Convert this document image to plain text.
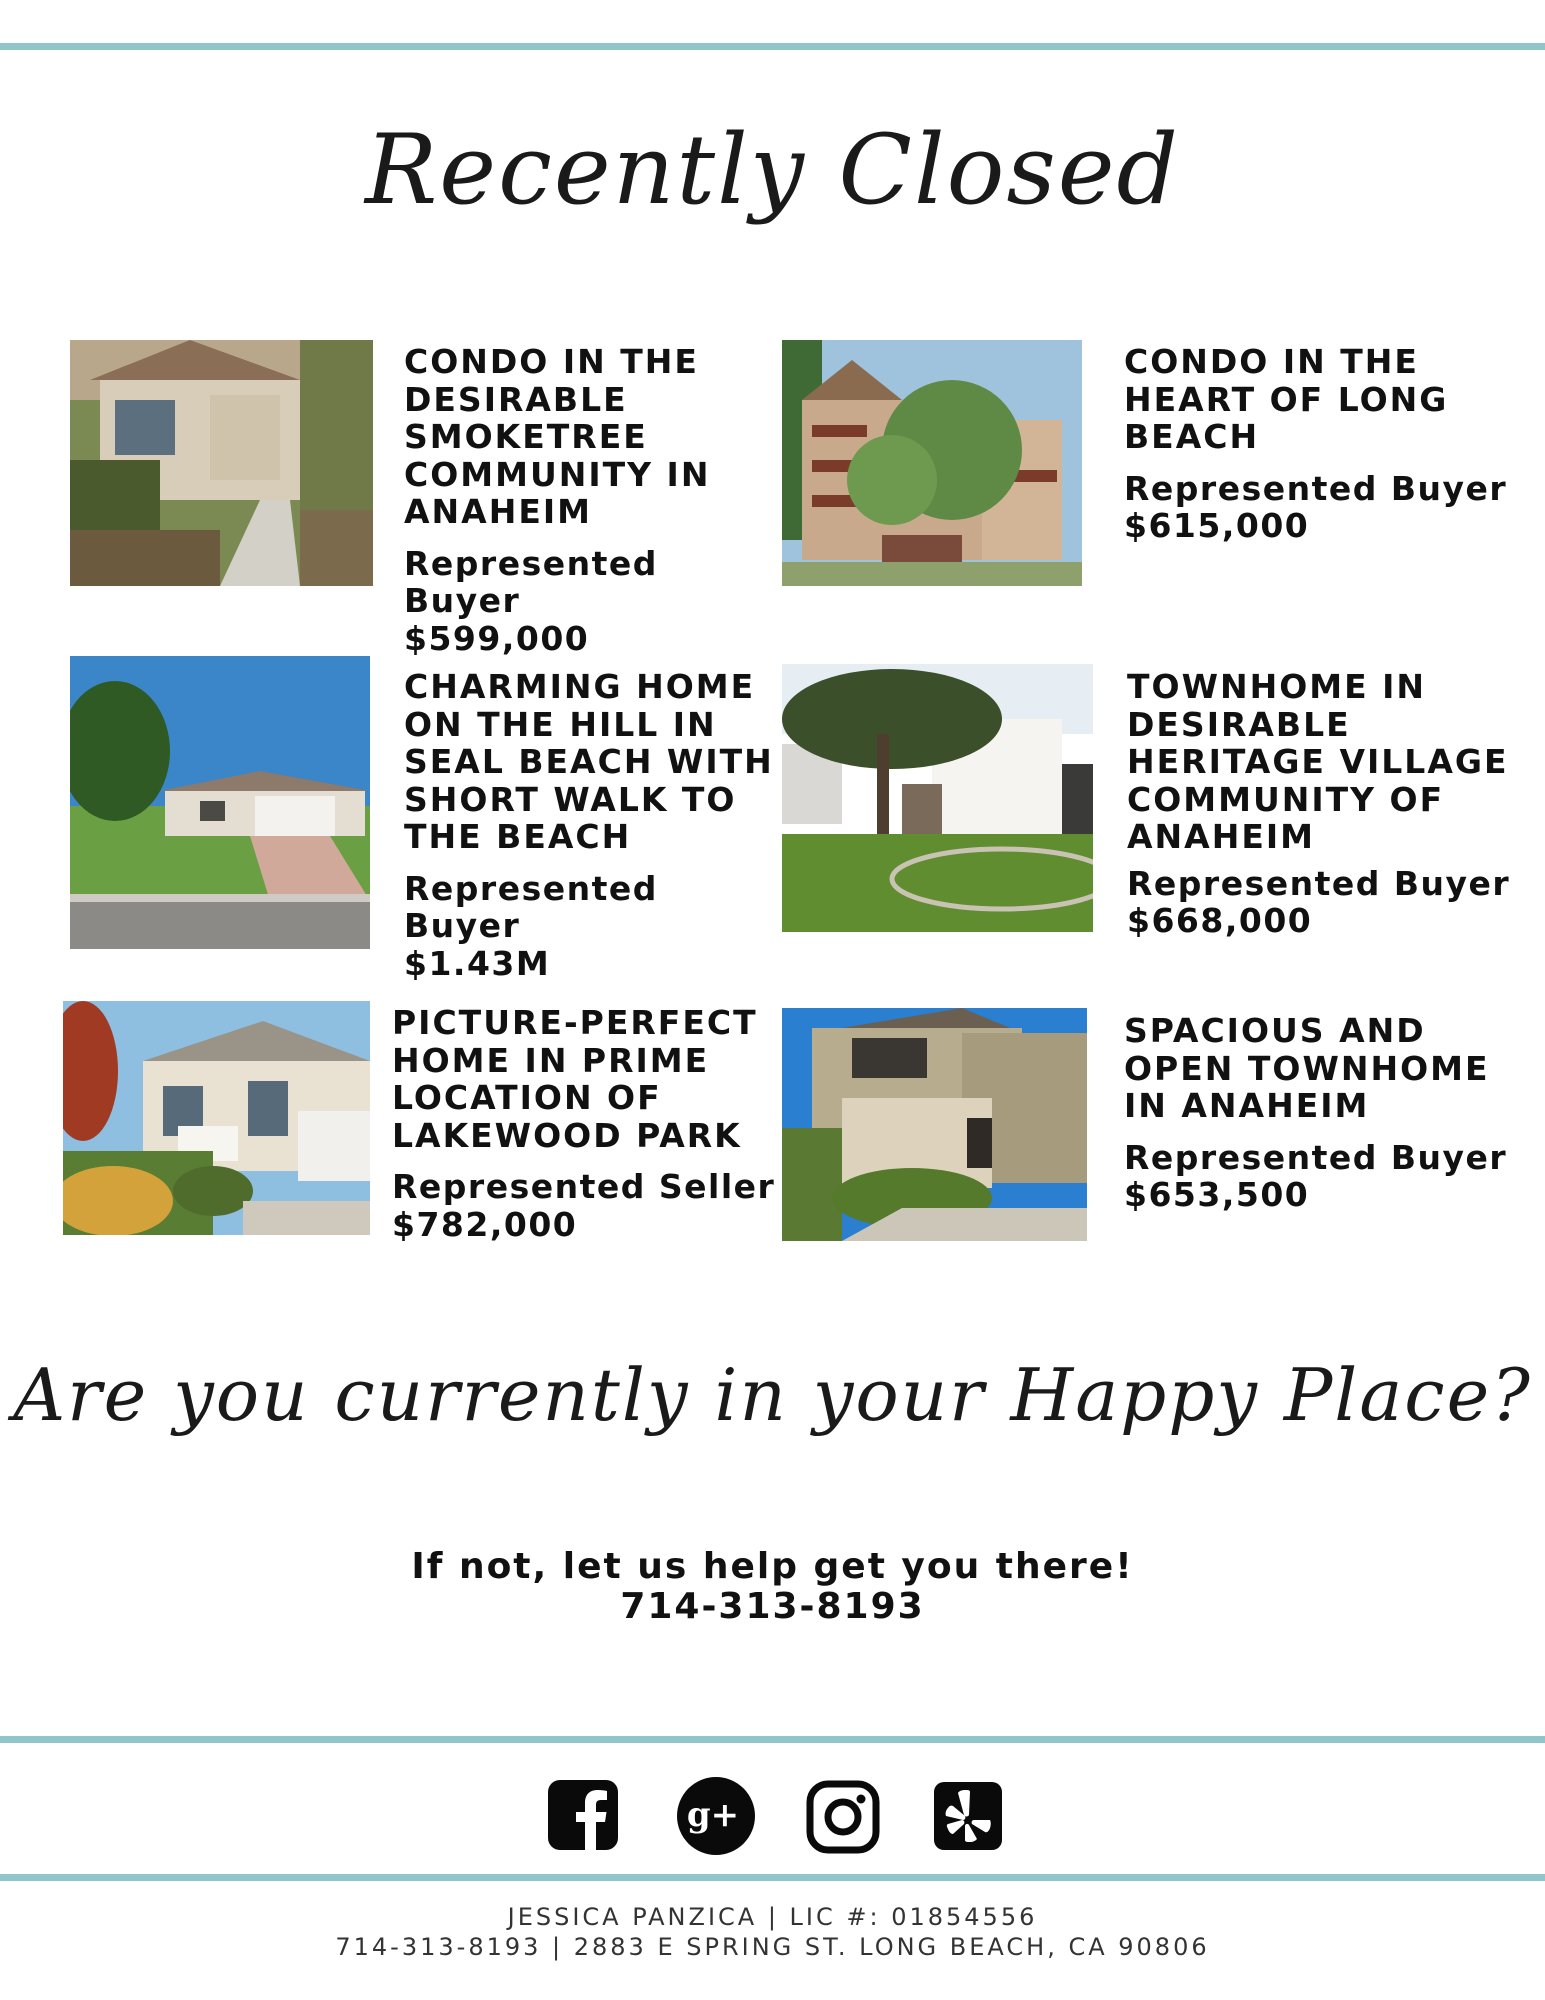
Recently Closed
CONDO IN THE DESIRABLE SMOKETREE COMMUNITY IN ANAHEIM
Represented Buyer
$599,000
CONDO IN THE HEART OF LONG BEACH
Represented Buyer
$615,000
CHARMING HOME ON THE HILL IN SEAL BEACH WITH SHORT WALK TO THE BEACH
Represented Buyer
$1.43M
TOWNHOME IN DESIRABLE HERITAGE VILLAGE COMMUNITY OF ANAHEIM
Represented Buyer
$668,000
PICTURE-PERFECT HOME IN PRIME LOCATION OF LAKEWOOD PARK
Represented Seller
$782,000
SPACIOUS AND OPEN TOWNHOME IN ANAHEIM
Represented Buyer
$653,500
Are you currently in your Happy Place?
If not, let us help get you there!
714-313-8193
g+
JESSICA PANZICA | LIC #: 01854556
714-313-8193 | 2883 E SPRING ST. LONG BEACH, CA 90806
